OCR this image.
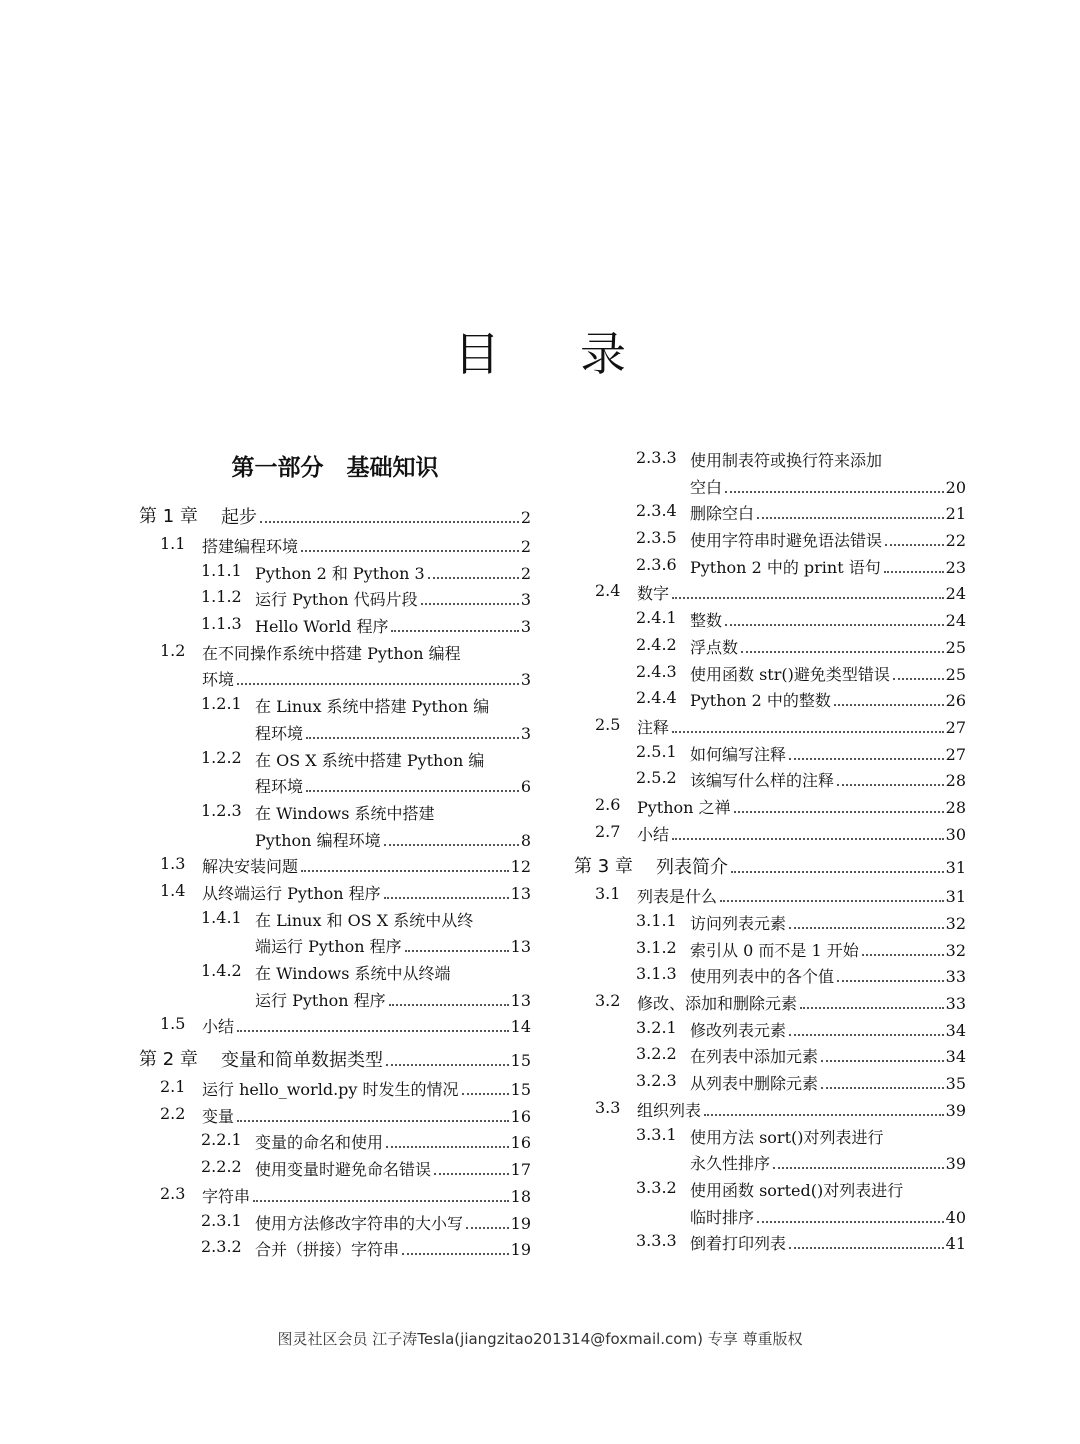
目录
第一部分　基础知识
第 1 章	起步	2
1.1	搭建编程环境	2
1.1.1 Python 2 和 Python 3	2
1.1.2 运行 Python 代码片段	3
1.1.3 Hello World 程序	3
1.2	在不同操作系统中搭建 Python 编程
环境	3
1.2.1 在 Linux 系统中搭建 Python 编
程环境	3
1.2.2 在 OS X 系统中搭建 Python 编
程环境	6
1.2.3 在 Windows 系统中搭建
Python 编程环境	8
1.3	解决安装问题	12
1.4	从终端运行 Python 程序	13
1.4.1 在 Linux 和 OS X 系统中从终
端运行 Python 程序	13
1.4.2 在 Windows 系统中从终端
运行 Python 程序	13
1.5	小结	14
第 2 章	变量和简单数据类型	15
2.1	运行 hello_world.py 时发生的情况	15
2.2	变量	16
2.2.1 变量的命名和使用	16
2.2.2 使用变量时避免命名错误	17
2.3	字符串	18
2.3.1 使用方法修改字符串的大小写	19
2.3.2 合并（拼接）字符串	19
2.3.3 使用制表符或换行符来添加
空白	20
2.3.4 删除空白	21
2.3.5 使用字符串时避免语法错误	22
2.3.6 Python 2 中的 print 语句	23
2.4	数字	24
2.4.1 整数	24
2.4.2 浮点数	25
2.4.3 使用函数 str()避免类型错误	25
2.4.4 Python 2 中的整数	26
2.5	注释	27
2.5.1 如何编写注释	27
2.5.2 该编写什么样的注释	28
2.6	Python 之禅	28
2.7	小结	30
第 3 章	列表简介	31
3.1	列表是什么	31
3.1.1 访问列表元素	32
3.1.2 索引从 0 而不是 1 开始	32
3.1.3 使用列表中的各个值	33
3.2	修改、添加和删除元素	33
3.2.1 修改列表元素	34
3.2.2 在列表中添加元素	34
3.2.3 从列表中删除元素	35
3.3	组织列表	39
3.3.1 使用方法 sort()对列表进行
永久性排序	39
3.3.2 使用函数 sorted()对列表进行
临时排序	40
3.3.3 倒着打印列表	41
图灵社区会员 江子涛Tesla(jiangzitao201314@foxmail.com) 专享 尊重版权
